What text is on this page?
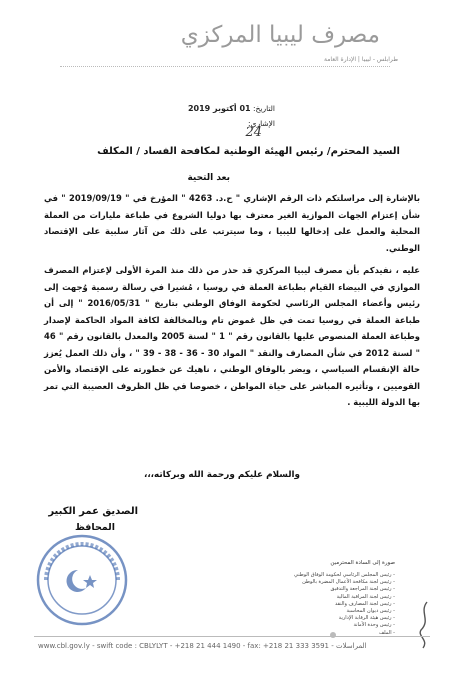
مصرف ليبيا المركزي
طرابلس - ليبيا | الإدارة العامة
التاريخ: 01 أكتوبر 2019
الإشاري:
24
السيد المحترم/ رئيس الهيئة الوطنية لمكافحة الفساد / المكلف
بعد التحية
بالإشارة إلى مراسلتكم ذات الرقم الإشاري " ح.د. 4263 " المؤرخ في " 2019/09/19 " في شأن إعتزام الجهات الموازية الغير معترف بها دوليا الشروع في طباعة مليارات من العملة المحلية والعمل على إدخالها لليبيا ، وما سيترتب على ذلك من آثار سلبية على الإقتصاد الوطني.
عليه ، نفيدكم بأن مصرف ليبيا المركزي قد حذر من ذلك منذ المرة الأولى لإعتزام المصرف الموازي في البيضاء القيام بطباعة العملة في روسيا ، مُشيرا في رسالة رسمية وُجهت إلى رئيس وأعضاء المجلس الرئاسي لحكومة الوفاق الوطني بتاريخ " 2016/05/31 " إلى أن طباعة العملة في روسيا تمت في ظل غموض تام وبالمخالفة لكافة المواد الحاكمة لإصدار وطباعة العملة المنصوص عليها بالقانون رقم " 1 " لسنة 2005 والمعدل بالقانون رقم " 46 " لسنة 2012 في شأن المصارف والنقد " المواد 30 - 36 - 38 - 39 " ، وأن ذلك العمل يُعزز حالة الإنقسام السياسي ، ويضر بالوفاق الوطني ، ناهيك عن خطورته على الإقتصاد والأمن القوميين ، وتأثيره المباشر على حياة المواطن ، خصوصا في ظل الظروف العصيبة التي تمر بها الدولة الليبية .
والسلام عليكم ورحمة الله وبركاته،،،
الصديق عمر الكبير
المحافظ
صورة إلى السادة المحترمين
- رئيس المجلس الرئاسي لحكومة الوفاق الوطني
- رئيس لجنة مكافحة الأعمال المضرة بالوطن
- رئيس لجنة المراجعة والتدقيق
- رئيس لجنة المراقبة المالية
- رئيس لجنة المصارف والنقد
- رئيس ديوان المحاسبة
- رئيس هيئة الرقابة الإدارية
- رئيس وحدة الأمانة
- الملف
www.cbl.gov.ly - swift code : CBLYLYT - +218 21 444 1490 - fax: +218 21 333 3591 - المراسلات
